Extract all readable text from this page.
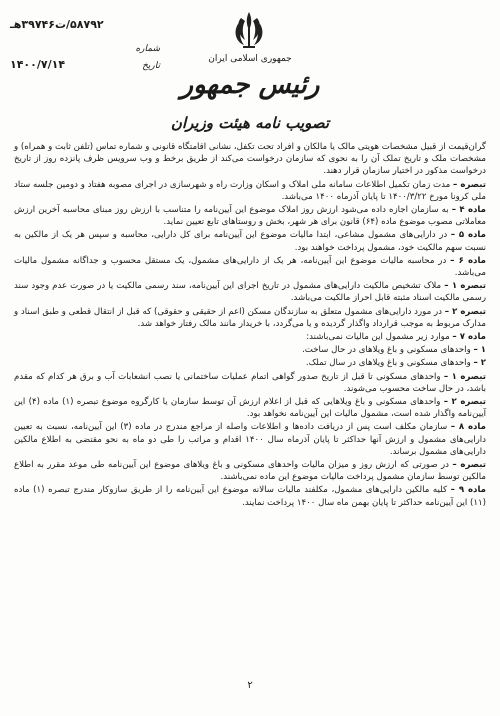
جمهوری اسلامی ایران
رئیس جمهور
تصویب نامه هیئت وزیران
۵۸۷۹۲/ت۳۹۷۴۶هـ
شماره
۱۴۰۰/۷/۱۴	تاریخ

گران‌قیمت از قبیل مشخصات هویتی مالک یا مالکان و افراد تحت تکفل، نشانی اقامتگاه قانونی و شماره تماس (تلفن ثابت و همراه) و مشخصات ملک و تاریخ تملک آن را به نحوی که سازمان درخواست می‌کند از طریق برخط و وب سرویس ظرف پانزده روز از تاریخ درخواست مذکور در اختیار سازمان قرار دهند.

تبصره – مدت زمان تکمیل اطلاعات سامانه ملی املاک و اسکان وزارت راه و شهرسازی در اجرای مصوبه هفتاد و دومین جلسه ستاد ملی کرونا مورخ ۱۴۰۰/۳/۲۲ تا پایان آذرماه ۱۴۰۰ می‌باشد.

ماده ۴ – به سازمان اجازه داده می‌شود ارزش روز املاک موضوع این آیین‌نامه را متناسب با ارزش روز مبنای محاسبه آخرین ارزش معاملاتی مصوب موضوع ماده (۶۴) قانون برای هر شهر، بخش و روستاهای تابع تعیین نماید.

ماده ۵ – در دارایی‌های مشمول مشاعی، ابتدا مالیات موضوع این آیین‌نامه برای کل دارایی، محاسبه و سپس هر یک از مالکین به نسبت سهم مالکیت خود، مشمول پرداخت خواهند بود.

ماده ۶ – در محاسبه مالیات موضوع این آیین‌نامه، هر یک از دارایی‌های مشمول، یک مستقل محسوب و جداگانه مشمول مالیات می‌باشد.

تبصره ۱ – ملاک تشخیص مالکیت دارایی‌های مشمول در تاریخ اجرای این آیین‌نامه، سند رسمی مالکیت یا در صورت عدم وجود سند رسمی مالکیت اسناد مثبته قابل احراز مالکیت می‌باشد.

تبصره ۲ – در مورد دارایی‌های مشمول متعلق به سازندگان مسکن (اعم از حقیقی و حقوقی) که قبل از انتقال قطعی و طبق اسناد و مدارک مربوط به موجب قرارداد واگذار گردیده و یا می‌گردد، با خریدار مانند مالک رفتار خواهد شد.

ماده ۷ – موارد زیر مشمول این مالیات نمی‌باشند:

۱ – واحدهای مسکونی و باغ ویلاهای در حال ساخت.

۲ – واحدهای مسکونی و باغ ویلاهای در سال تملک.

تبصره ۱ – واحدهای مسکونی تا قبل از تاریخ صدور گواهی اتمام عملیات ساختمانی یا نصب انشعابات آب و برق هر کدام که مقدم باشد، در حال ساخت محسوب می‌شوند.

تبصره ۲ – واحدهای مسکونی و باغ ویلاهایی که قبل از اعلام ارزش آن توسط سازمان یا کارگروه موضوع تبصره (۱) ماده (۴) این آیین‌نامه واگذار شده است، مشمول مالیات این آیین‌نامه نخواهد بود.

ماده ۸ – سازمان مکلف است پس از دریافت داده‌ها و اطلاعات واصله از مراجع مندرج در ماده (۳) این آیین‌نامه، نسبت به تعیین دارایی‌های مشمول و ارزش آنها حداکثر تا پایان آذرماه سال ۱۴۰۰ اقدام و مراتب را طی دو ماه به نحو مقتضی به اطلاع مالکین دارایی‌های مشمول برساند.

تبصره – در صورتی که ارزش روز و میزان مالیات واحدهای مسکونی و باغ ویلاهای موضوع این آیین‌نامه طی موعد مقرر به اطلاع مالکین توسط سازمان مشمول پرداخت مالیات موضوع این ماده نمی‌باشند.

ماده ۹ – کلیه مالکین دارایی‌های مشمول، مکلفند مالیات سالانه موضوع این آیین‌نامه را از طریق سازوکار مندرج تبصره (۱) ماده (۱۱) این آیین‌نامه حداکثر تا پایان بهمن ماه سال ۱۴۰۰ پرداخت نمایند.

۲
